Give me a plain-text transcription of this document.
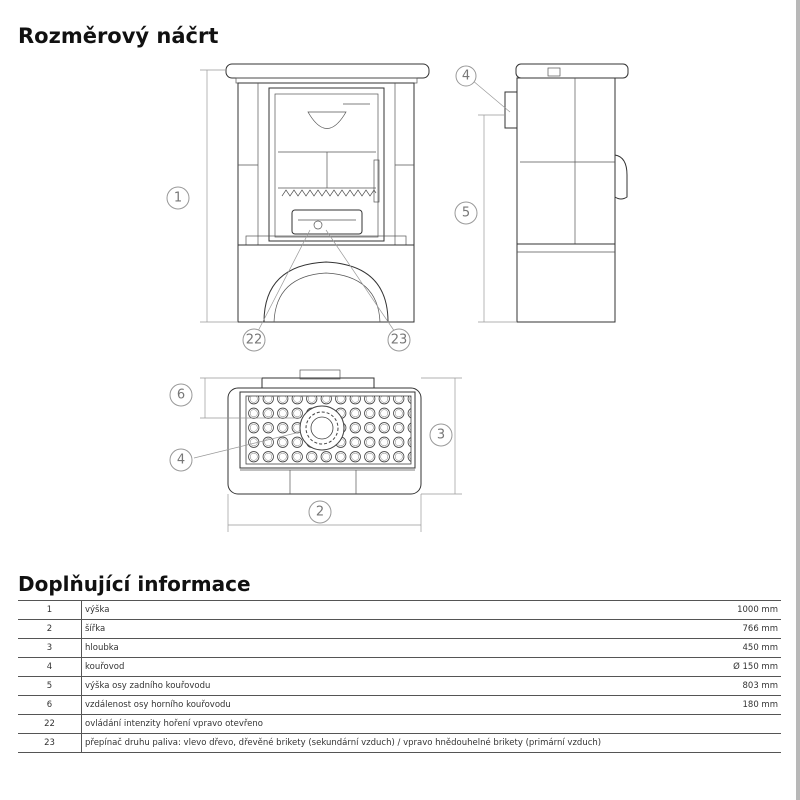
Rozměrový náčrt
1
22	23
4
5
6
4
3
2
Doplňující informace
1	výška	1000 mm
2	šířka	766 mm
3	hloubka	450 mm
4	kouřovod	Ø 150 mm
5	výška osy zadního kouřovodu	803 mm
6	vzdálenost osy horního kouřovodu	180 mm
22	ovládání intenzity hoření vpravo otevřeno	
23	přepínač druhu paliva: vlevo dřevo, dřevěné brikety (sekundární vzduch) / vpravo hnědouhelné brikety (primární vzduch)	
